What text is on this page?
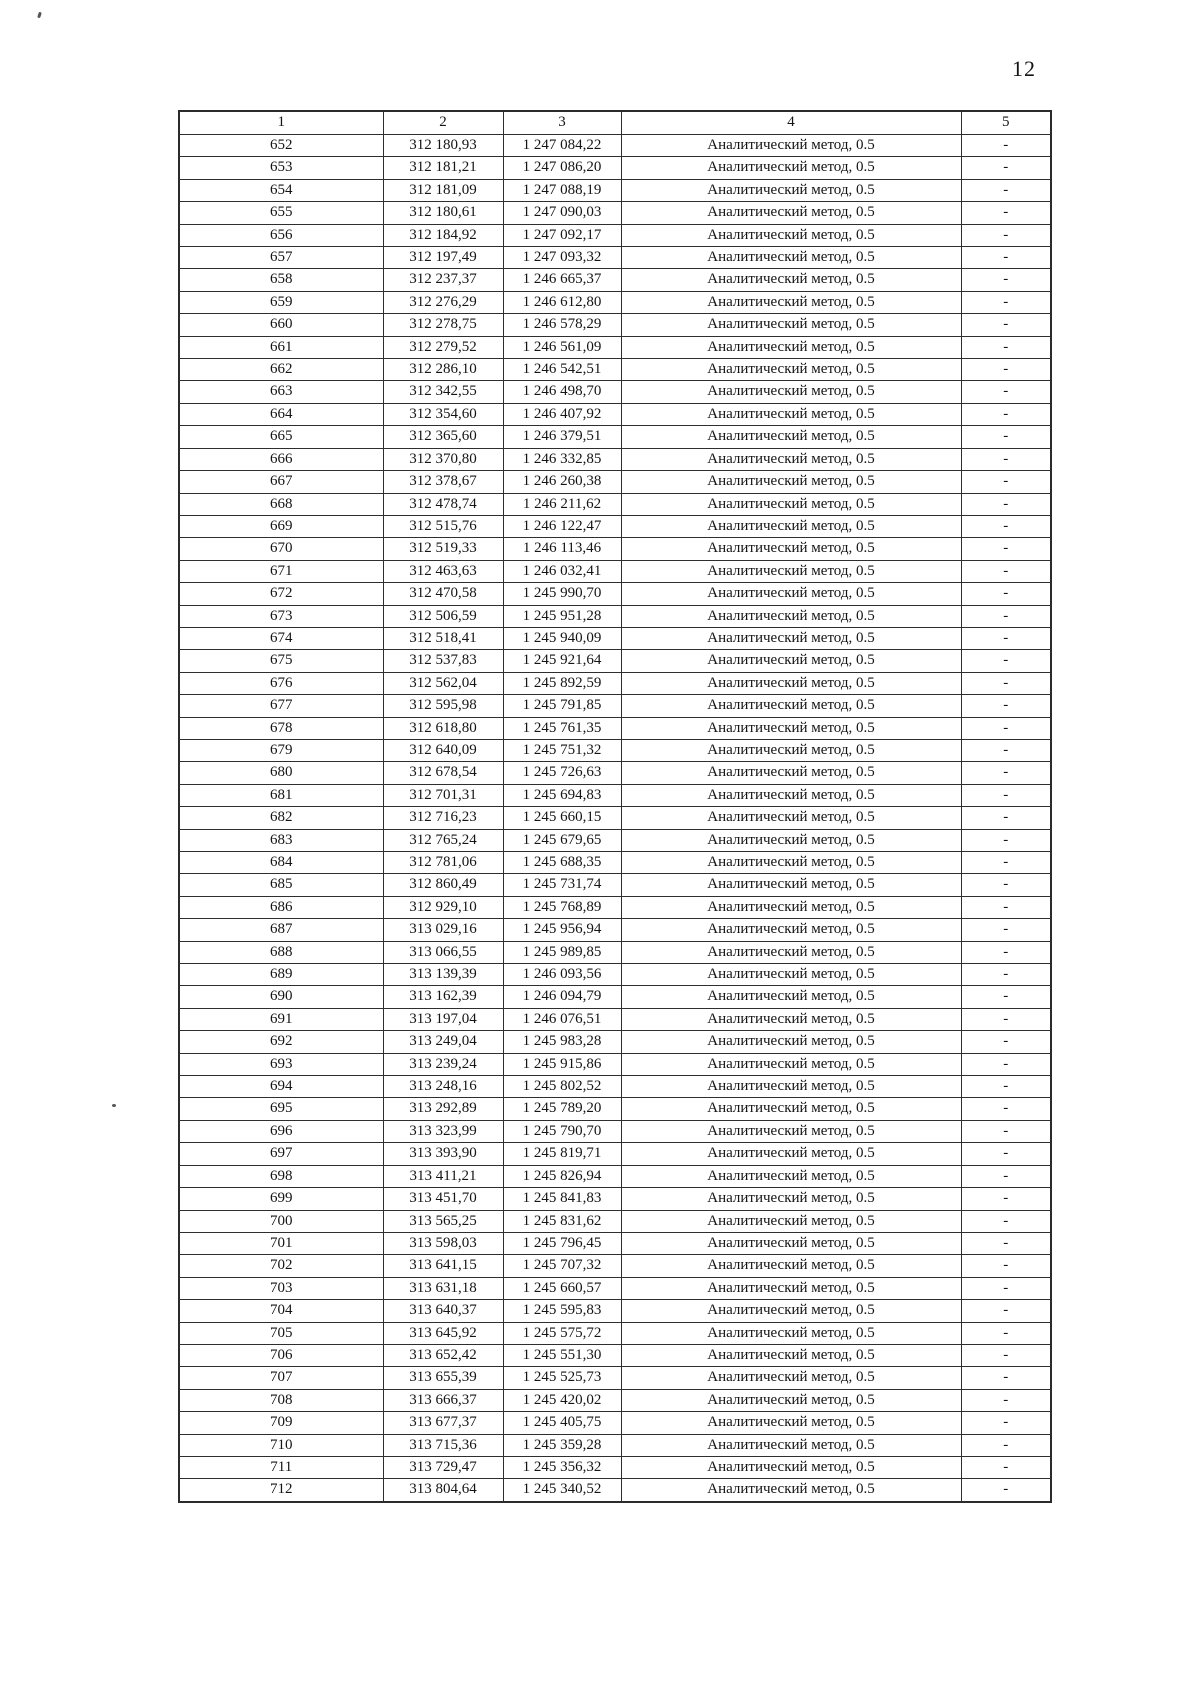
12
1	2	3	4	5
652	312 180,93	1 247 084,22	Аналитический метод, 0.5	-
653	312 181,21	1 247 086,20	Аналитический метод, 0.5	-
654	312 181,09	1 247 088,19	Аналитический метод, 0.5	-
655	312 180,61	1 247 090,03	Аналитический метод, 0.5	-
656	312 184,92	1 247 092,17	Аналитический метод, 0.5	-
657	312 197,49	1 247 093,32	Аналитический метод, 0.5	-
658	312 237,37	1 246 665,37	Аналитический метод, 0.5	-
659	312 276,29	1 246 612,80	Аналитический метод, 0.5	-
660	312 278,75	1 246 578,29	Аналитический метод, 0.5	-
661	312 279,52	1 246 561,09	Аналитический метод, 0.5	-
662	312 286,10	1 246 542,51	Аналитический метод, 0.5	-
663	312 342,55	1 246 498,70	Аналитический метод, 0.5	-
664	312 354,60	1 246 407,92	Аналитический метод, 0.5	-
665	312 365,60	1 246 379,51	Аналитический метод, 0.5	-
666	312 370,80	1 246 332,85	Аналитический метод, 0.5	-
667	312 378,67	1 246 260,38	Аналитический метод, 0.5	-
668	312 478,74	1 246 211,62	Аналитический метод, 0.5	-
669	312 515,76	1 246 122,47	Аналитический метод, 0.5	-
670	312 519,33	1 246 113,46	Аналитический метод, 0.5	-
671	312 463,63	1 246 032,41	Аналитический метод, 0.5	-
672	312 470,58	1 245 990,70	Аналитический метод, 0.5	-
673	312 506,59	1 245 951,28	Аналитический метод, 0.5	-
674	312 518,41	1 245 940,09	Аналитический метод, 0.5	-
675	312 537,83	1 245 921,64	Аналитический метод, 0.5	-
676	312 562,04	1 245 892,59	Аналитический метод, 0.5	-
677	312 595,98	1 245 791,85	Аналитический метод, 0.5	-
678	312 618,80	1 245 761,35	Аналитический метод, 0.5	-
679	312 640,09	1 245 751,32	Аналитический метод, 0.5	-
680	312 678,54	1 245 726,63	Аналитический метод, 0.5	-
681	312 701,31	1 245 694,83	Аналитический метод, 0.5	-
682	312 716,23	1 245 660,15	Аналитический метод, 0.5	-
683	312 765,24	1 245 679,65	Аналитический метод, 0.5	-
684	312 781,06	1 245 688,35	Аналитический метод, 0.5	-
685	312 860,49	1 245 731,74	Аналитический метод, 0.5	-
686	312 929,10	1 245 768,89	Аналитический метод, 0.5	-
687	313 029,16	1 245 956,94	Аналитический метод, 0.5	-
688	313 066,55	1 245 989,85	Аналитический метод, 0.5	-
689	313 139,39	1 246 093,56	Аналитический метод, 0.5	-
690	313 162,39	1 246 094,79	Аналитический метод, 0.5	-
691	313 197,04	1 246 076,51	Аналитический метод, 0.5	-
692	313 249,04	1 245 983,28	Аналитический метод, 0.5	-
693	313 239,24	1 245 915,86	Аналитический метод, 0.5	-
694	313 248,16	1 245 802,52	Аналитический метод, 0.5	-
695	313 292,89	1 245 789,20	Аналитический метод, 0.5	-
696	313 323,99	1 245 790,70	Аналитический метод, 0.5	-
697	313 393,90	1 245 819,71	Аналитический метод, 0.5	-
698	313 411,21	1 245 826,94	Аналитический метод, 0.5	-
699	313 451,70	1 245 841,83	Аналитический метод, 0.5	-
700	313 565,25	1 245 831,62	Аналитический метод, 0.5	-
701	313 598,03	1 245 796,45	Аналитический метод, 0.5	-
702	313 641,15	1 245 707,32	Аналитический метод, 0.5	-
703	313 631,18	1 245 660,57	Аналитический метод, 0.5	-
704	313 640,37	1 245 595,83	Аналитический метод, 0.5	-
705	313 645,92	1 245 575,72	Аналитический метод, 0.5	-
706	313 652,42	1 245 551,30	Аналитический метод, 0.5	-
707	313 655,39	1 245 525,73	Аналитический метод, 0.5	-
708	313 666,37	1 245 420,02	Аналитический метод, 0.5	-
709	313 677,37	1 245 405,75	Аналитический метод, 0.5	-
710	313 715,36	1 245 359,28	Аналитический метод, 0.5	-
711	313 729,47	1 245 356,32	Аналитический метод, 0.5	-
712	313 804,64	1 245 340,52	Аналитический метод, 0.5	-
